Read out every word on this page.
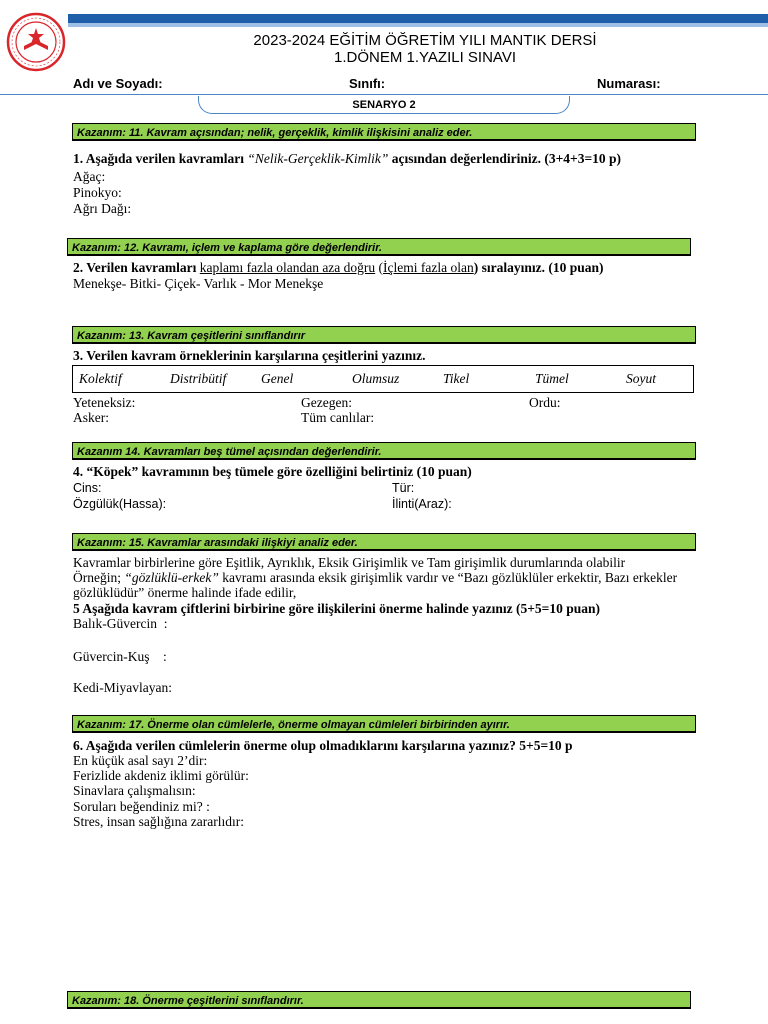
2023-2024 EĞİTİM ÖĞRETİM YILI MANTIK DERSİ
1.DÖNEM 1.YAZILI SINAVI
Adı ve Soyadı:	Sınıfı:	Numarası:
SENARYO 2
Kazanım: 11. Kavram açısından; nelik, gerçeklik, kimlik ilişkisini analiz eder.
1. Aşağıda verilen kavramları “Nelik-Gerçeklik-Kimlik” açısından değerlendiriniz. (3+4+3=10 p)
Ağaç:
Pinokyo:
Ağrı Dağı:
Kazanım: 12. Kavramı, içlem ve kaplama göre değerlendirir.
2. Verilen kavramları kaplamı fazla olandan aza doğru (İçlemi fazla olan) sıralayınız. (10 puan)
Menekşe- Bitki- Çiçek- Varlık - Mor Menekşe
Kazanım: 13. Kavram çeşitlerini sınıflandırır
3. Verilen kavram örneklerinin karşılarına çeşitlerini yazınız.
Kolektif	Distribütif	Genel	Olumsuz	Tikel	Tümel	Soyut
Yeteneksiz:	Gezegen:	Ordu:
Asker:	Tüm canlılar:
Kazanım 14. Kavramları beş tümel açısından değerlendirir.
4. “Köpek” kavramının beş tümele göre özelliğini belirtiniz (10 puan)
Cins:	Tür:
Özgülük(Hassa):	İlinti(Araz):
Kazanım: 15. Kavramlar arasındaki ilişkiyi analiz eder.
Kavramlar birbirlerine göre Eşitlik, Ayrıklık, Eksik Girişimlik ve Tam girişimlik durumlarında olabilir
Örneğin; “gözlüklü-erkek” kavramı arasında eksik girişimlik vardır ve “Bazı gözlüklüler erkektir, Bazı erkekler
gözlüklüdür” önerme halinde ifade edilir,
5 Aşağıda kavram çiftlerini birbirine göre ilişkilerini önerme halinde yazınız (5+5=10 puan)
Balık-Güvercin  :
Güvercin-Kuş    :
Kedi-Miyavlayan:
Kazanım: 17. Önerme olan cümlelerle, önerme olmayan cümleleri birbirinden ayırır.
6. Aşağıda verilen cümlelerin önerme olup olmadıklarını karşılarına yazınız? 5+5=10 p
En küçük asal sayı 2’dir:
Ferizlide akdeniz iklimi görülür:
Sinavlara çalışmalısın:
Soruları beğendiniz mi? :
Stres, insan sağlığına zararlıdır:
Kazanım: 18. Önerme çeşitlerini sınıflandırır.
